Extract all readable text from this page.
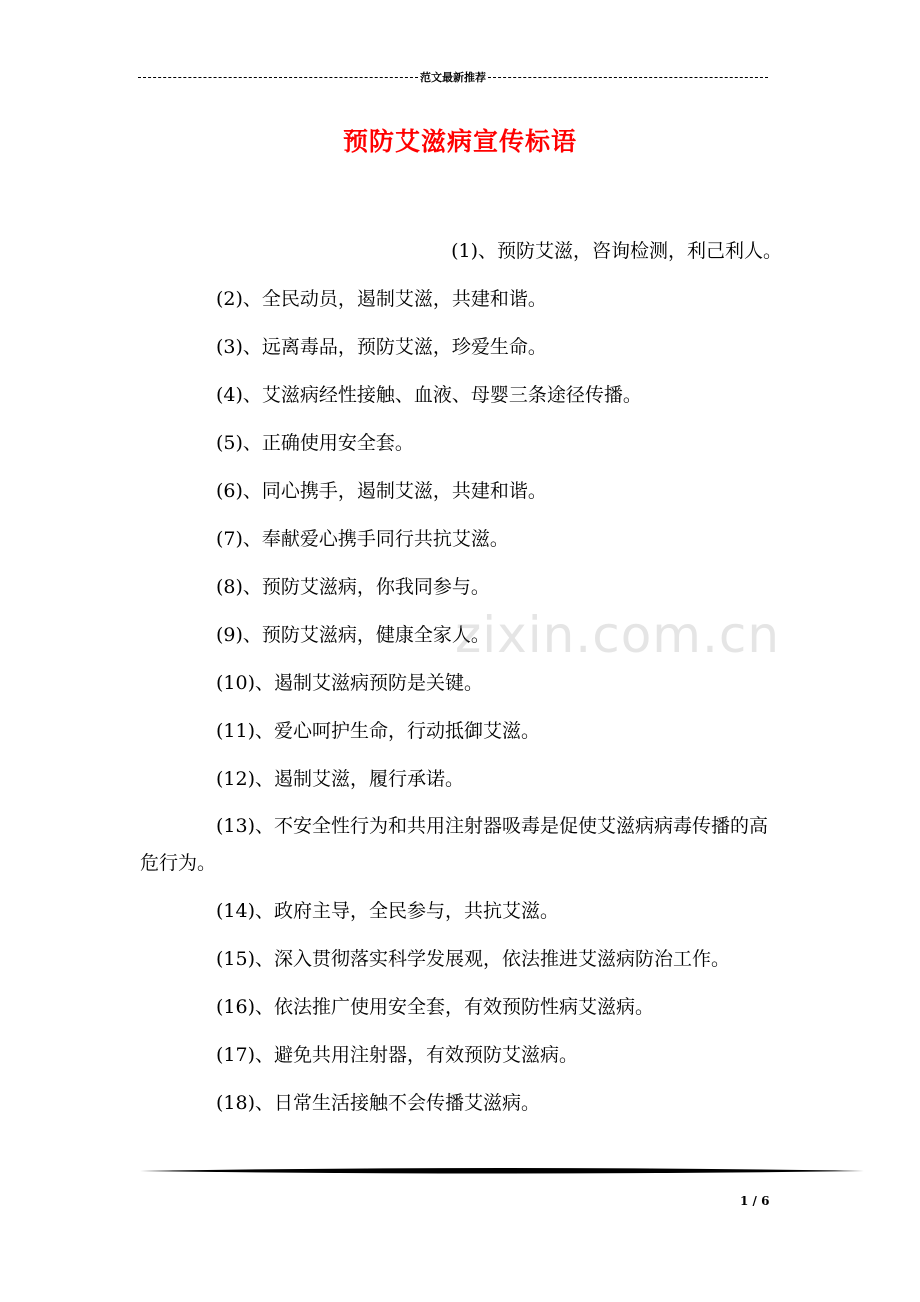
范文最新推荐
预防艾滋病宣传标语

(1)、预防艾滋，咨询检测，利己利人。

(2)、全民动员，遏制艾滋，共建和谐。

(3)、远离毒品，预防艾滋，珍爱生命。

(4)、艾滋病经性接触、血液、母婴三条途径传播。

(5)、正确使用安全套。

(6)、同心携手，遏制艾滋，共建和谐。

(7)、奉献爱心携手同行共抗艾滋。

(8)、预防艾滋病，你我同参与。

(9)、预防艾滋病，健康全家人。

(10)、遏制艾滋病预防是关键。

(11)、爱心呵护生命，行动抵御艾滋。

(12)、遏制艾滋，履行承诺。

(13)、不安全性行为和共用注射器吸毒是促使艾滋病病毒传播的高危行为。

(14)、政府主导，全民参与，共抗艾滋。

(15)、深入贯彻落实科学发展观，依法推进艾滋病防治工作。

(16)、依法推广使用安全套，有效预防性病艾滋病。

(17)、避免共用注射器，有效预防艾滋病。

(18)、日常生活接触不会传播艾滋病。

zixin.com.cn
1 / 6
